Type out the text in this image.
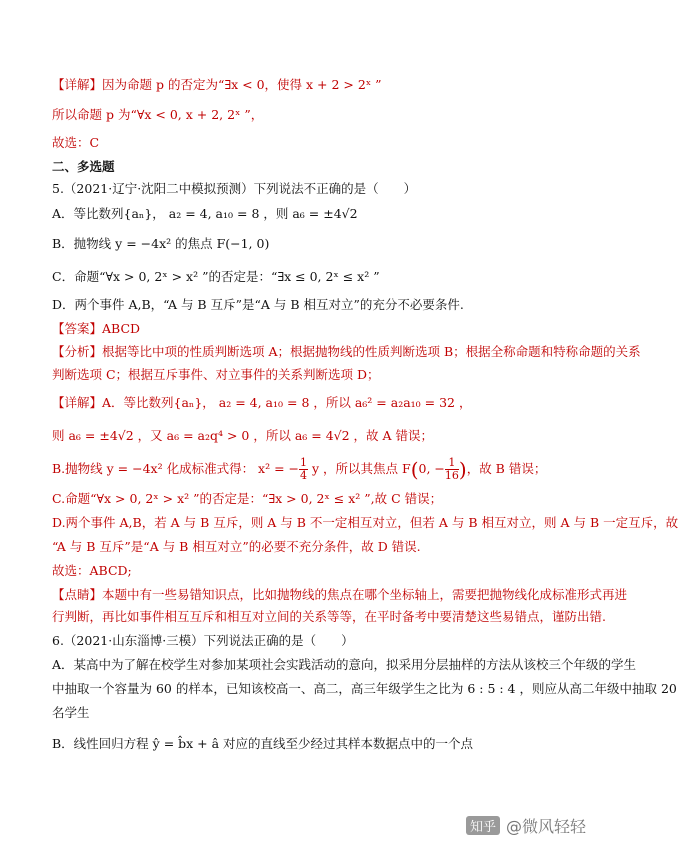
【详解】因为命题 p 的否定为“∃x < 0，使得 x + 2 > 2ˣ ”
所以命题 p 为“∀x < 0, x + 2, 2ˣ ”，
故选：C
二、多选题
5.（2021·辽宁·沈阳二中模拟预测）下列说法不正确的是（　　）
A．等比数列{aₙ}， a₂ = 4, a₁₀ = 8 ，则 a₆ = ±4√2
B．抛物线 y = −4x² 的焦点 F(−1, 0)
C．命题“∀x > 0, 2ˣ > x² ”的否定是：“∃x ≤ 0, 2ˣ ≤ x² ”
D．两个事件 A,B，“A 与 B 互斥”是“A 与 B 相互对立”的充分不必要条件.
【答案】ABCD
【分析】根据等比中项的性质判断选项 A；根据抛物线的性质判断选项 B；根据全称命题和特称命题的关系
判断选项 C；根据互斥事件、对立事件的关系判断选项 D；
【详解】A．等比数列{aₙ}， a₂ = 4, a₁₀ = 8 ，所以 a₆² = a₂a₁₀ = 32 ，
则 a₆ = ±4√2 ，又 a₆ = a₂q⁴ > 0 ，所以 a₆ = 4√2 ，故 A 错误；
B.抛物线 y = −4x² 化成标准式得： x² = − $\frac{1}{4}$ y ，所以其焦点 F(0, − $\frac{1}{16}$ )，故 B 错误；
C.命题“∀x > 0, 2ˣ > x² ”的否定是：“∃x > 0, 2ˣ ≤ x² ”,故 C 错误；
D.两个事件 A,B，若 A 与 B 互斥，则 A 与 B 不一定相互对立，但若 A 与 B 相互对立，则 A 与 B 一定互斥，故
“A 与 B 互斥”是“A 与 B 相互对立”的必要不充分条件，故 D 错误.
故选：ABCD;
【点睛】本题中有一些易错知识点，比如抛物线的焦点在哪个坐标轴上，需要把抛物线化成标准形式再进
行判断，再比如事件相互互斥和相互对立间的关系等等，在平时备考中要清楚这些易错点，谨防出错.
6.（2021·山东淄博·三模）下列说法正确的是（　　）
A．某高中为了解在校学生对参加某项社会实践活动的意向，拟采用分层抽样的方法从该校三个年级的学生
中抽取一个容量为 60 的样本，已知该校高一、高二，高三年级学生之比为 6 : 5 : 4 ，则应从高二年级中抽取 20
名学生
B．线性回归方程 ŷ = b̂x + â 对应的直线至少经过其样本数据点中的一个点
知乎 @微风轻轻
